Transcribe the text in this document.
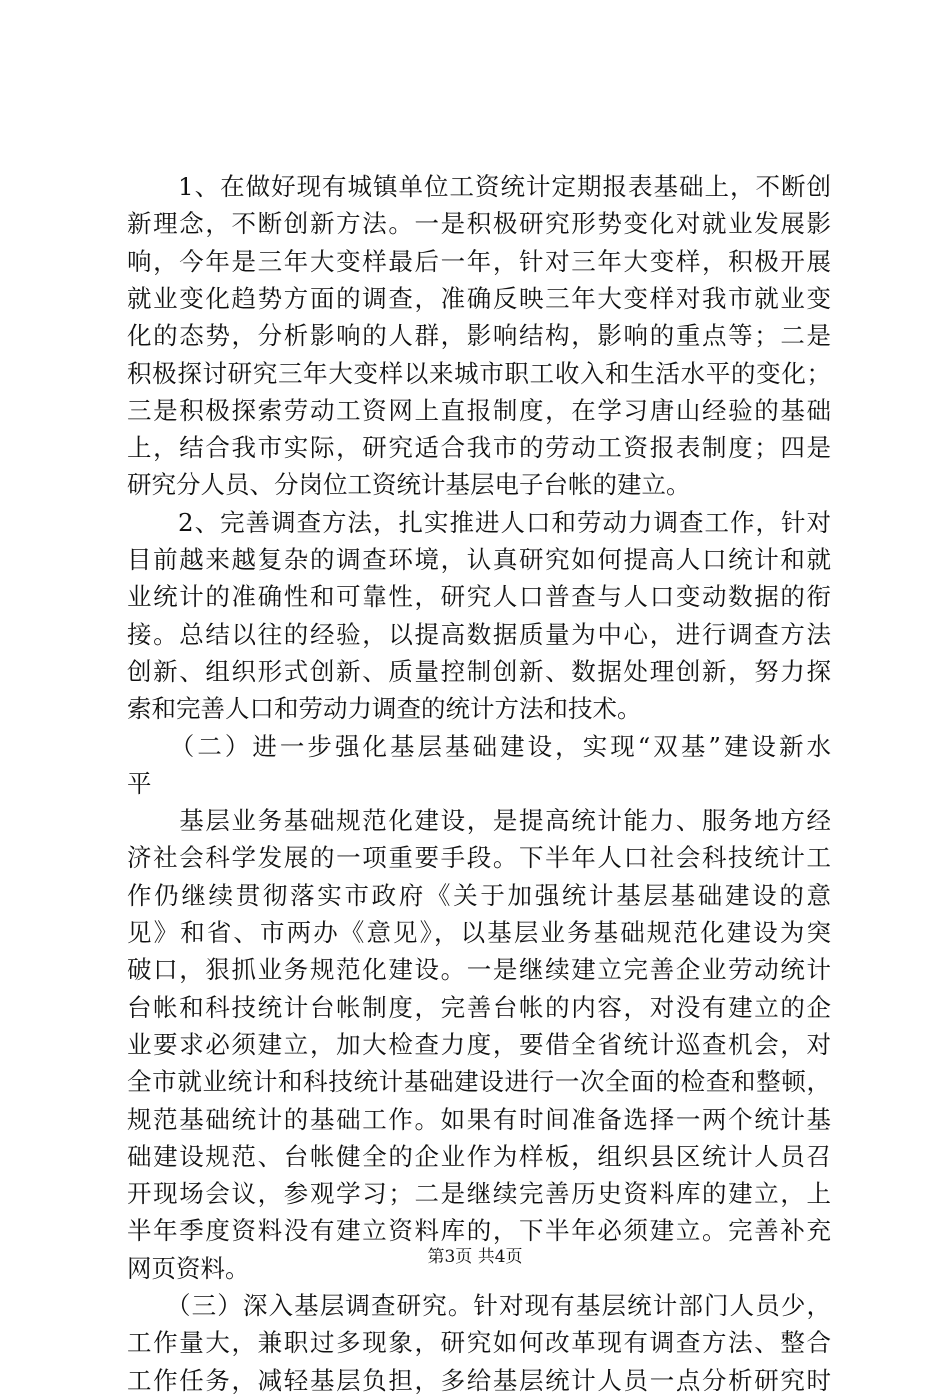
　　1、在做好现有城镇单位工资统计定期报表基础上，不断创
新理念，不断创新方法。一是积极研究形势变化对就业发展影
响，今年是三年大变样最后一年，针对三年大变样，积极开展
就业变化趋势方面的调查，准确反映三年大变样对我市就业变
化的态势，分析影响的人群，影响结构，影响的重点等；二是
积极探讨研究三年大变样以来城市职工收入和生活水平的变化；
三是积极探索劳动工资网上直报制度，在学习唐山经验的基础
上，结合我市实际，研究适合我市的劳动工资报表制度；四是
研究分人员、分岗位工资统计基层电子台帐的建立。
　　2、完善调查方法，扎实推进人口和劳动力调查工作，针对
目前越来越复杂的调查环境，认真研究如何提高人口统计和就
业统计的准确性和可靠性，研究人口普查与人口变动数据的衔
接。总结以往的经验，以提高数据质量为中心，进行调查方法
创新、组织形式创新、质量控制创新、数据处理创新，努力探
索和完善人口和劳动力调查的统计方法和技术。
　　（二）进一步强化基层基础建设，实现“双基”建设新水
平
　　基层业务基础规范化建设，是提高统计能力、服务地方经
济社会科学发展的一项重要手段。下半年人口社会科技统计工
作仍继续贯彻落实市政府《关于加强统计基层基础建设的意
见》和省、市两办《意见》，以基层业务基础规范化建设为突
破口，狠抓业务规范化建设。一是继续建立完善企业劳动统计
台帐和科技统计台帐制度，完善台帐的内容，对没有建立的企
业要求必须建立，加大检查力度，要借全省统计巡查机会，对
全市就业统计和科技统计基础建设进行一次全面的检查和整顿，
规范基础统计的基础工作。如果有时间准备选择一两个统计基
础建设规范、台帐健全的企业作为样板，组织县区统计人员召
开现场会议，参观学习；二是继续完善历史资料库的建立，上
半年季度资料没有建立资料库的，下半年必须建立。完善补充
网页资料。
　　（三）深入基层调查研究。针对现有基层统计部门人员少，
工作量大，兼职过多现象，研究如何改革现有调查方法、整合
工作任务，减轻基层负担，多给基层统计人员一点分析研究时
第3页 共4页
